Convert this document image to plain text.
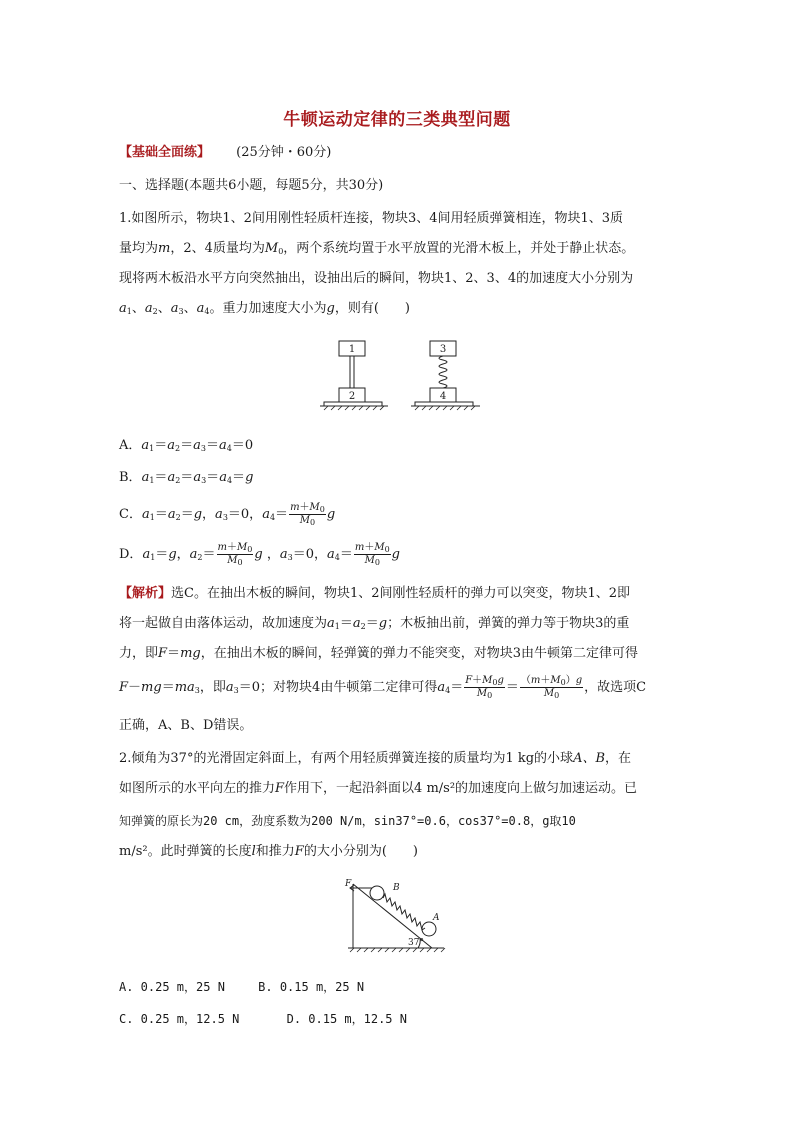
牛顿运动定律的三类典型问题
【基础全面练】 (25分钟・60分)
一、选择题(本题共6小题，每题5分，共30分)
1.如图所示，物块1、2间用刚性轻质杆连接，物块3、4间用轻质弹簧相连，物块1、3质
量均为m，2、4质量均为$M_0$，两个系统均置于水平放置的光滑木板上，并处于静止状态。
现将两木板沿水平方向突然抽出，设抽出后的瞬间，物块1、2、3、4的加速度大小分别为
$a_1$、$a_2$、$a_3$、$a_4$。重力加速度大小为g，则有(　　)
1
2
3
4
A．$a_1=a_2=a_3=a_4=0$
B．$a_1=a_2=a_3=a_4=g$
C．$a_1=a_2=g$，$a_3=0$，$a_4= \frac{m+M_0}{M_0}$ g
D．$a_1=g$，$a_2= \frac{m+M_0}{M_0}$ g ，$a_3=0$，$a_4= \frac{m+M_0}{M_0}$ g
【解析】选C。在抽出木板的瞬间，物块1、2间刚性轻质杆的弹力可以突变，物块1、2即
将一起做自由落体运动，故加速度为$a_1=a_2=g$；木板抽出前，弹簧的弹力等于物块3的重
力，即F＝mg，在抽出木板的瞬间，轻弹簧的弹力不能突变，对物块3由牛顿第二定律可得
$F-mg=ma_3$，即$a_3=0$；对物块4由牛顿第二定律可得$a_4= \frac{F+M_0g}{M_0} = \frac{(m+M_0)g}{M_0}$ ，故选项C
正确，A、B、D错误。
2.倾角为37°的光滑固定斜面上，有两个用轻质弹簧连接的质量均为1 kg的小球A、B，在
如图所示的水平向左的推力F作用下，一起沿斜面以4 m/s²的加速度向上做匀加速运动。已
知弹簧的原长为20 cm，劲度系数为200 N/m，sin37°=0.6，cos37°=0.8，g取10
m/s²。此时弹簧的长度l和推力F的大小分别为(　　)
F	B
A
37°
A. 0.25 m，25 N	B. 0.15 m，25 N
C. 0.25 m，12.5 N	D. 0.15 m，12.5 N
